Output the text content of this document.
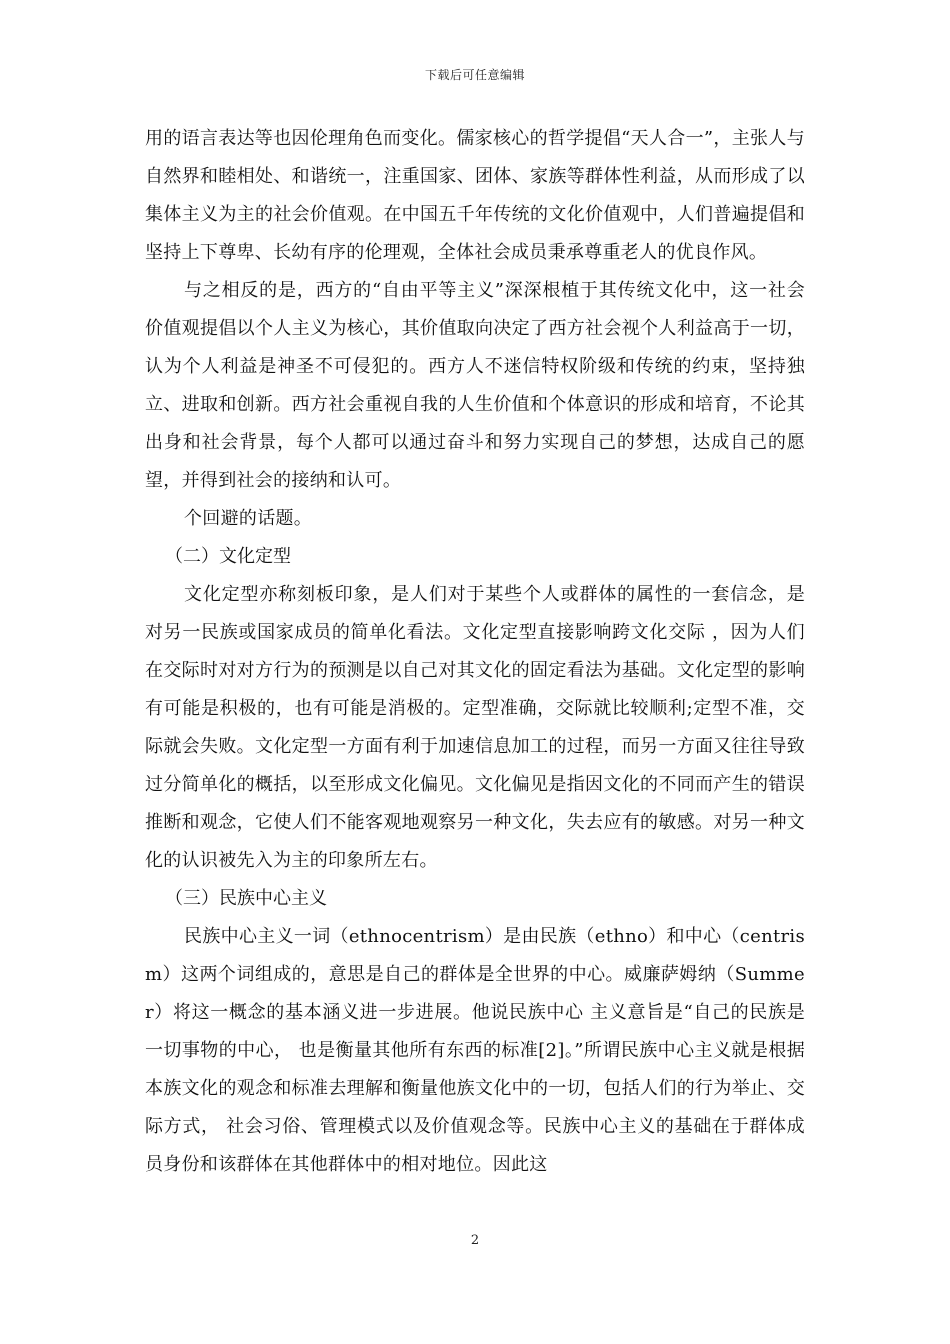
下载后可任意编辑

用的语言表达等也因伦理角色而变化。儒家核心的哲学提倡“天人合一”，主张人与自然界和睦相处、和谐统一，注重国家、团体、家族等群体性利益，从而形成了以集体主义为主的社会价值观。在中国五千年传统的文化价值观中，人们普遍提倡和坚持上下尊卑、长幼有序的伦理观，全体社会成员秉承尊重老人的优良作风。

与之相反的是，西方的“自由平等主义”深深根植于其传统文化中，这一社会价值观提倡以个人主义为核心，其价值取向决定了西方社会视个人利益高于一切，认为个人利益是神圣不可侵犯的。西方人不迷信特权阶级和传统的约束，坚持独立、进取和创新。西方社会重视自我的人生价值和个体意识的形成和培育，不论其出身和社会背景，每个人都可以通过奋斗和努力实现自己的梦想，达成自己的愿望，并得到社会的接纳和认可。

个回避的话题。

（二）文化定型

文化定型亦称刻板印象，是人们对于某些个人或群体的属性的一套信念，是对另一民族或国家成员的简单化看法。文化定型直接影响跨文化交际 ，因为人们在交际时对对方行为的预测是以自己对其文化的固定看法为基础。文化定型的影响有可能是积极的，也有可能是消极的。定型准确，交际就比较顺利;定型不准，交际就会失败。文化定型一方面有利于加速信息加工的过程，而另一方面又往往导致过分简单化的概括，以至形成文化偏见。文化偏见是指因文化的不同而产生的错误推断和观念，它使人们不能客观地观察另一种文化，失去应有的敏感。对另一种文化的认识被先入为主的印象所左右。

（三）民族中心主义

民族中心主义一词（ethnocentrism）是由民族（ethno）和中心（centrism）这两个词组成的，意思是自己的群体是全世界的中心。威廉萨姆纳（Summer）将这一概念的基本涵义进一步进展。他说民族中心 主义意旨是“自己的民族是一切事物的中心， 也是衡量其他所有东西的标准[2]。”所谓民族中心主义就是根据本族文化的观念和标准去理解和衡量他族文化中的一切，包括人们的行为举止、交际方式， 社会习俗、管理模式以及价值观念等。民族中心主义的基础在于群体成员身份和该群体在其他群体中的相对地位。因此这

2
